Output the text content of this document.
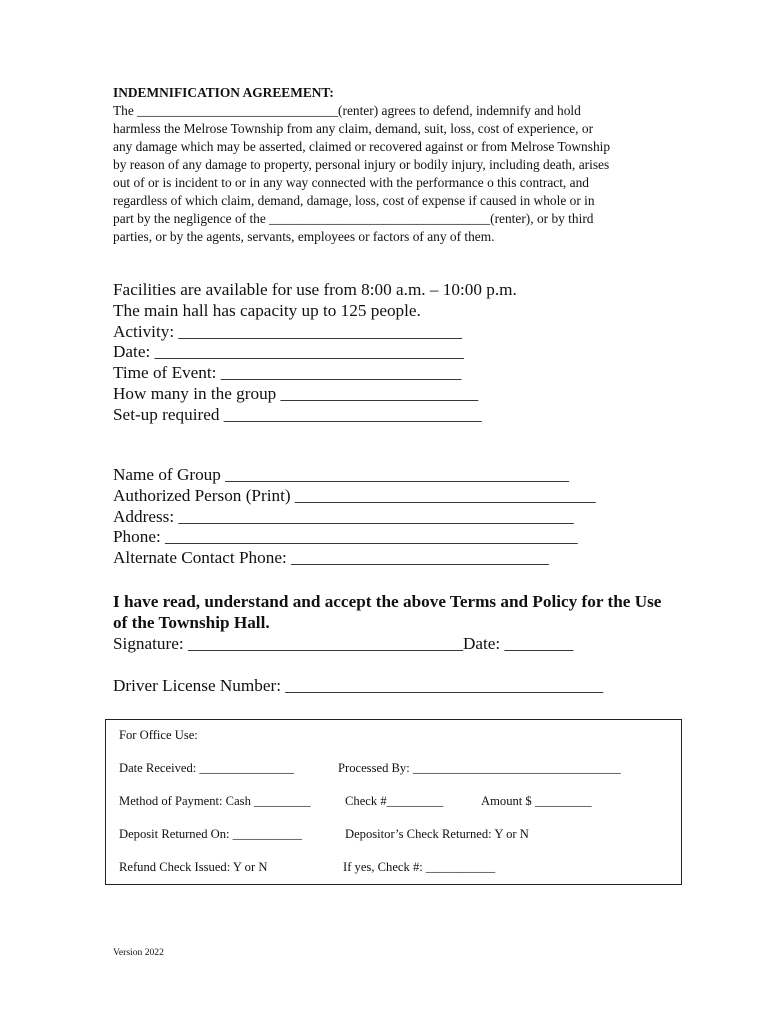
INDEMNIFICATION AGREEMENT:
The ______________________________(renter) agrees to defend, indemnify and hold
harmless the Melrose Township from any claim, demand, suit, loss, cost of experience, or
any damage which may be asserted, claimed or recovered against or from Melrose Township
by reason of any damage to property, personal injury or bodily injury, including death, arises
out of or is incident to or in any way connected with the performance o this contract, and
regardless of which claim, demand, damage, loss, cost of expense if caused in whole or in
part by the negligence of the _________________________________(renter), or by third
parties, or by the agents, servants, employees or factors of any of them.
Facilities are available for use from 8:00 a.m. – 10:00 p.m.
The main hall has capacity up to 125 people.
Activity: _________________________________
Date: ____________________________________
Time of Event: ____________________________
How many in the group _______________________
Set-up required ______________________________
Name of Group ________________________________________
Authorized Person (Print) ___________________________________
Address: ______________________________________________
Phone: ________________________________________________
Alternate Contact Phone: ______________________________
I have read, understand and accept the above Terms and Policy for the Use
of the Township Hall.
Signature: ________________________________Date: ________
Driver License Number: _____________________________________
For Office Use:
Date Received: _______________	Processed By: _________________________________
Method of Payment: Cash _________	Check #_________	Amount $ _________
Deposit Returned On: ___________	Depositor’s Check Returned: Y or N
Refund Check Issued: Y or N	If yes, Check #: ___________
Version 2022
